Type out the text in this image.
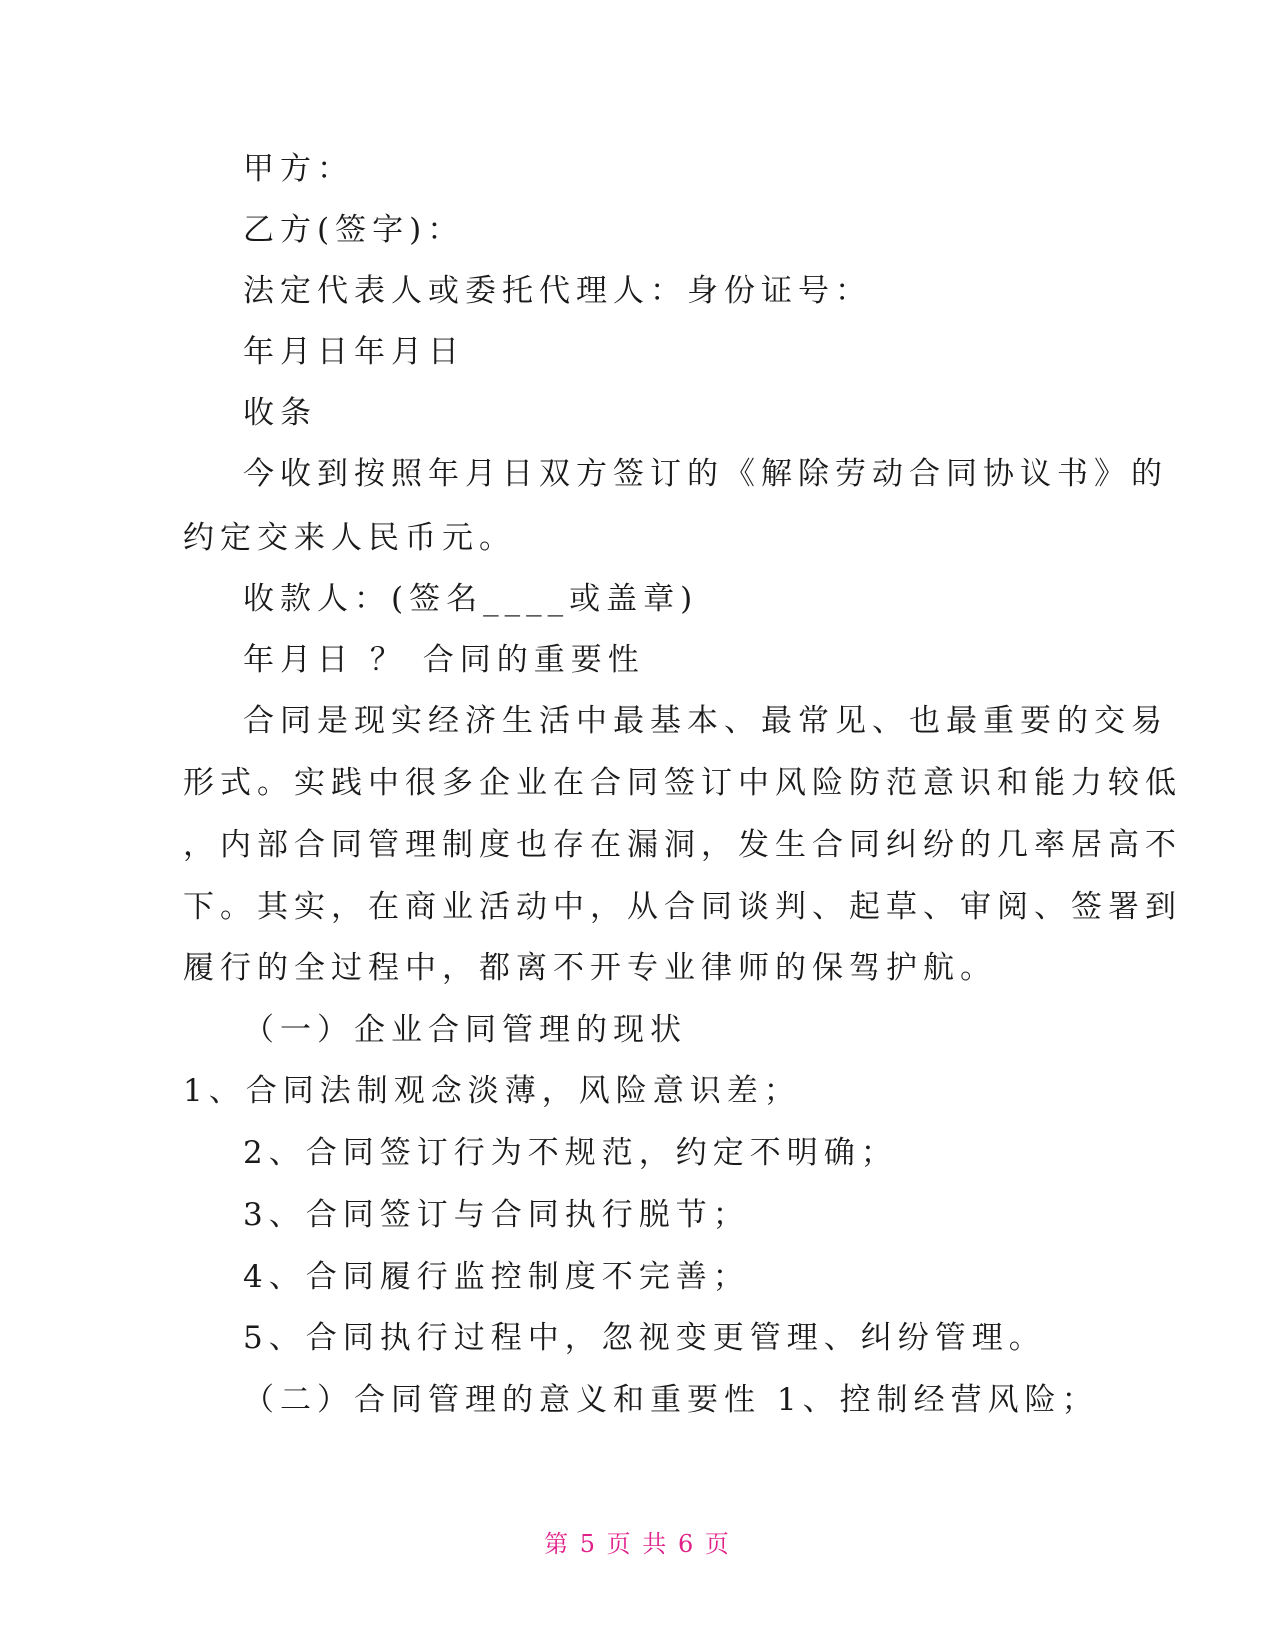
甲方：

乙方(签字)：

法定代表人或委托代理人：身份证号：

年月日年月日

收条

今收到按照年月日双方签订的《解除劳动合同协议书》的

约定交来人民币元。

收款人：(签名____或盖章)

年月日 ？ 合同的重要性

合同是现实经济生活中最基本、最常见、也最重要的交易

形式。实践中很多企业在合同签订中风险防范意识和能力较低

，内部合同管理制度也存在漏洞，发生合同纠纷的几率居高不

下。其实，在商业活动中，从合同谈判、起草、审阅、签署到

履行的全过程中，都离不开专业律师的保驾护航。

（一）企业合同管理的现状

1、合同法制观念淡薄，风险意识差；

2、合同签订行为不规范，约定不明确；

3、合同签订与合同执行脱节；

4、合同履行监控制度不完善；

5、合同执行过程中，忽视变更管理、纠纷管理。

（二）合同管理的意义和重要性 1、控制经营风险；

第 5 页 共 6 页
